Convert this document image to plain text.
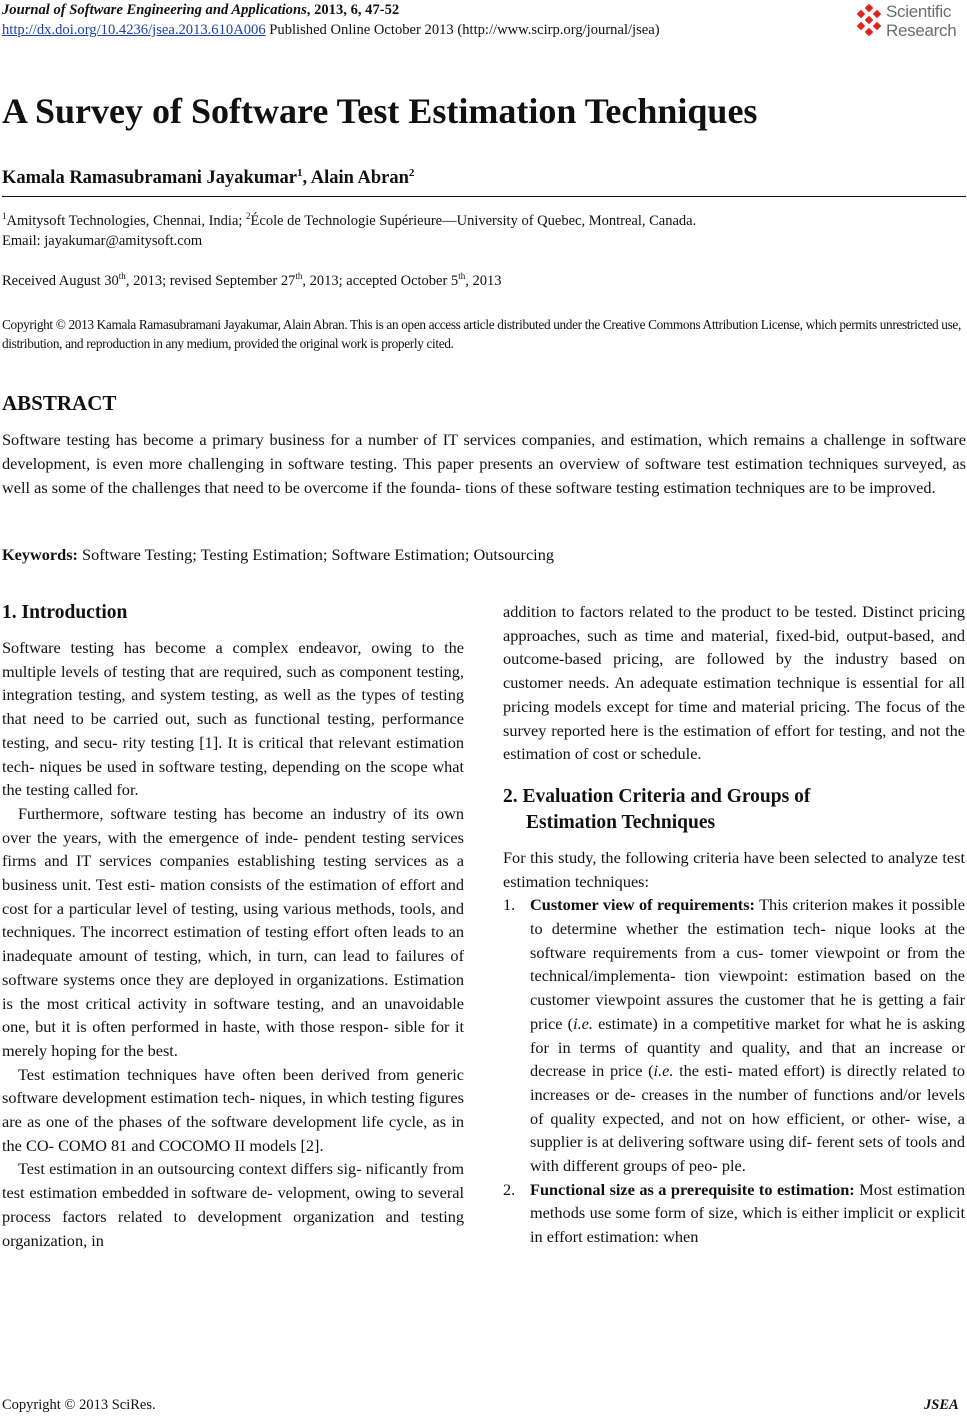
Journal of Software Engineering and Applications, 2013, 6, 47-52
http://dx.doi.org/10.4236/jsea.2013.610A006 Published Online October 2013 (http://www.scirp.org/journal/jsea)
Scientific
Research
A Survey of Software Test Estimation Techniques
Kamala Ramasubramani Jayakumar$^1$, Alain Abran$^2$
$^1$Amitysoft Technologies, Chennai, India; $^2$École de Technologie Supérieure—University of Quebec, Montreal, Canada.
Email: jayakumar@amitysoft.com
Received August 30th, 2013; revised September 27th, 2013; accepted October 5th, 2013
Copyright © 2013 Kamala Ramasubramani Jayakumar, Alain Abran. This is an open access article distributed under the Creative Commons Attribution License, which permits unrestricted use, distribution, and reproduction in any medium, provided the original work is properly cited.
ABSTRACT

Software testing has become a primary business for a number of IT services companies, and estimation, which remains a challenge in software development, is even more challenging in software testing. This paper presents an overview of software test estimation techniques surveyed, as well as some of the challenges that need to be overcome if the founda- tions of these software testing estimation techniques are to be improved.

Keywords: Software Testing; Testing Estimation; Software Estimation; Outsourcing
1. Introduction

Software testing has become a complex endeavor, owing to the multiple levels of testing that are required, such as component testing, integration testing, and system testing, as well as the types of testing that need to be carried out, such as functional testing, performance testing, and secu- rity testing [1]. It is critical that relevant estimation tech- niques be used in software testing, depending on the scope what the testing called for.

Furthermore, software testing has become an industry of its own over the years, with the emergence of inde- pendent testing services firms and IT services companies establishing testing services as a business unit. Test esti- mation consists of the estimation of effort and cost for a particular level of testing, using various methods, tools, and techniques. The incorrect estimation of testing effort often leads to an inadequate amount of testing, which, in turn, can lead to failures of software systems once they are deployed in organizations. Estimation is the most critical activity in software testing, and an unavoidable one, but it is often performed in haste, with those respon- sible for it merely hoping for the best.

Test estimation techniques have often been derived from generic software development estimation tech- niques, in which testing figures are as one of the phases of the software development life cycle, as in the CO- COMO 81 and COCOMO II models [2].

Test estimation in an outsourcing context differs sig- nificantly from test estimation embedded in software de- velopment, owing to several process factors related to development organization and testing organization, in

addition to factors related to the product to be tested. Distinct pricing approaches, such as time and material, fixed-bid, output-based, and outcome-based pricing, are followed by the industry based on customer needs. An adequate estimation technique is essential for all pricing models except for time and material pricing. The focus of the survey reported here is the estimation of effort for testing, and not the estimation of cost or schedule.

2. Evaluation Criteria and Groups of
Estimation Techniques

For this study, the following criteria have been selected to analyze test estimation techniques:

1. Customer view of requirements: This criterion makes it possible to determine whether the estimation tech- nique looks at the software requirements from a cus- tomer viewpoint or from the technical/implementa- tion viewpoint: estimation based on the customer viewpoint assures the customer that he is getting a fair price (i.e. estimate) in a competitive market for what he is asking for in terms of quantity and quality, and that an increase or decrease in price (i.e. the esti- mated effort) is directly related to increases or de- creases in the number of functions and/or levels of quality expected, and not on how efficient, or other- wise, a supplier is at delivering software using dif- ferent sets of tools and with different groups of peo- ple.
2. Functional size as a prerequisite to estimation: Most estimation methods use some form of size, which is either implicit or explicit in effort estimation: when
Copyright © 2013 SciRes.	JSEA
